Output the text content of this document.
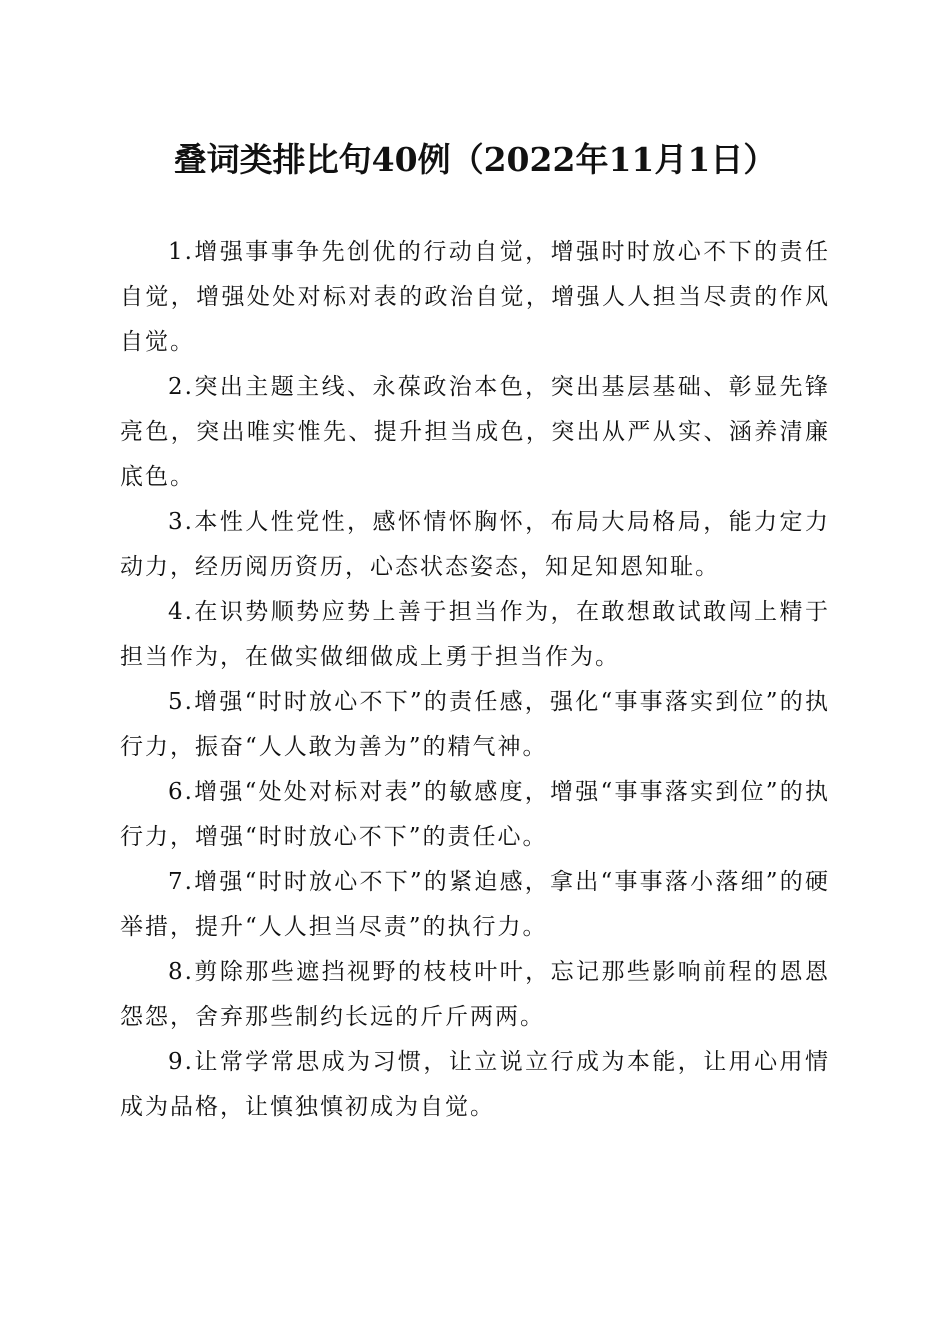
叠词类排比句40例（2022年11月1日）

1.增强事事争先创优的行动自觉，增强时时放心不下的责任自觉，增强处处对标对表的政治自觉，增强人人担当尽责的作风自觉。

2.突出主题主线、永葆政治本色，突出基层基础、彰显先锋亮色，突出唯实惟先、提升担当成色，突出从严从实、涵养清廉底色。

3.本性人性党性，感怀情怀胸怀，布局大局格局，能力定力动力，经历阅历资历，心态状态姿态，知足知恩知耻。

4.在识势顺势应势上善于担当作为，在敢想敢试敢闯上精于担当作为，在做实做细做成上勇于担当作为。

5.增强“时时放心不下”的责任感，强化“事事落实到位”的执行力，振奋“人人敢为善为”的精气神。

6.增强“处处对标对表”的敏感度，增强“事事落实到位”的执行力，增强“时时放心不下”的责任心。

7.增强“时时放心不下”的紧迫感，拿出“事事落小落细”的硬举措，提升“人人担当尽责”的执行力。

8.剪除那些遮挡视野的枝枝叶叶，忘记那些影响前程的恩恩怨怨，舍弃那些制约长远的斤斤两两。

9.让常学常思成为习惯，让立说立行成为本能，让用心用情成为品格，让慎独慎初成为自觉。
